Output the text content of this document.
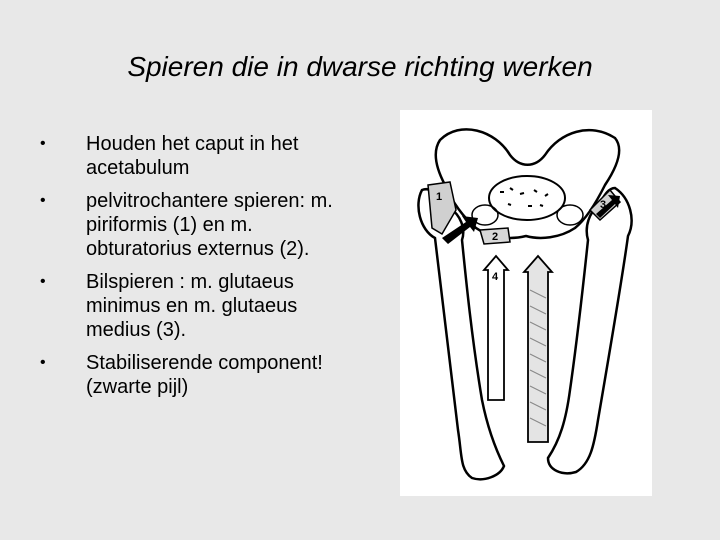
Spieren die in dwarse richting werken
• Houden het caput in het acetabulum
• pelvitrochantere spieren: m. piriformis (1) en m. obturatorius externus (2).
• Bilspieren : m. glutaeus minimus en m. glutaeus medius (3).
• Stabiliserende component! (zwarte pijl)
1
2
3
4
